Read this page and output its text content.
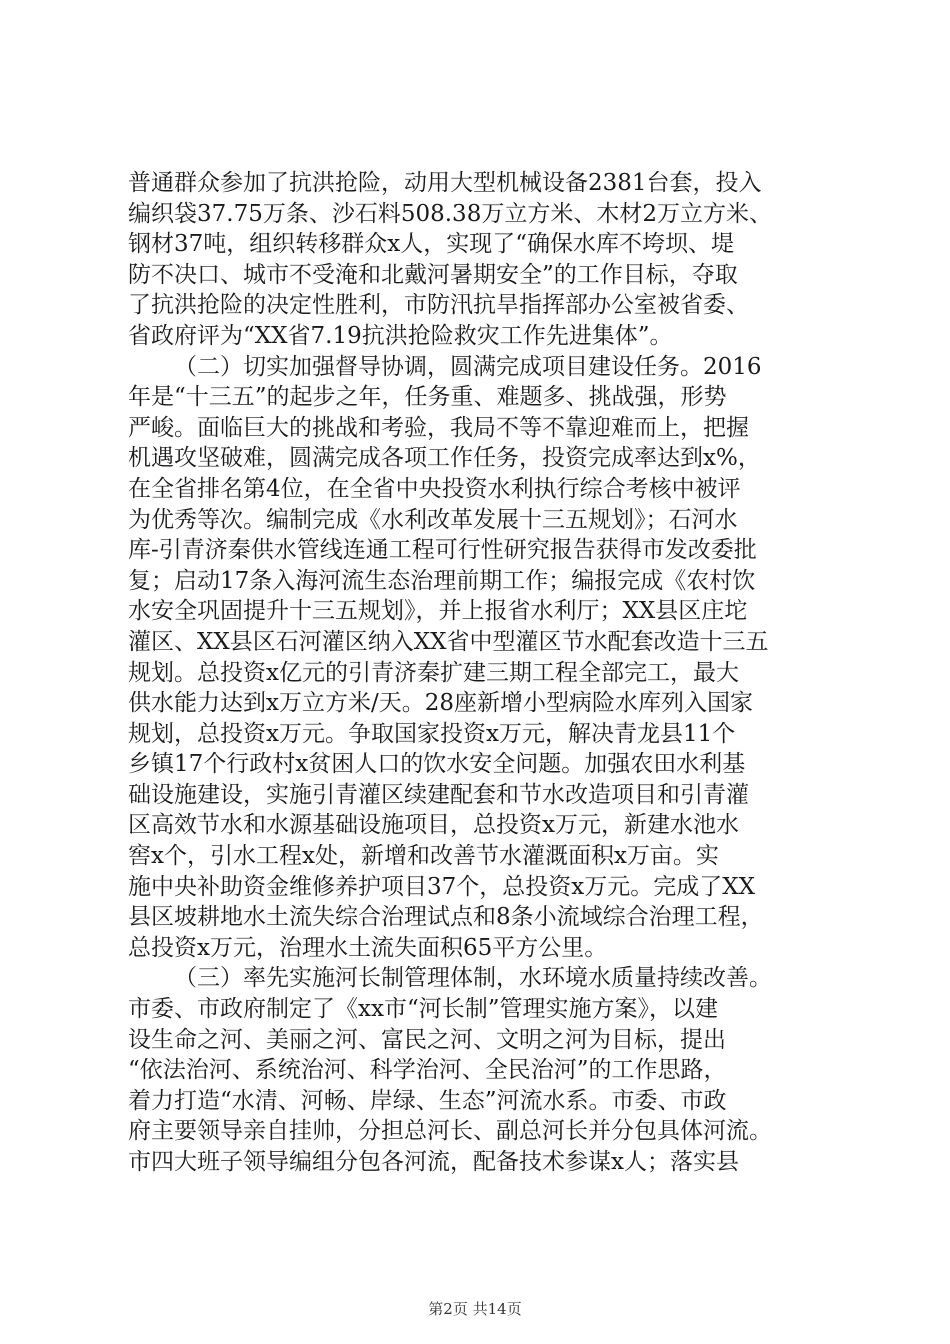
普通群众参加了抗洪抢险，动用大型机械设备2381台套，投入
编织袋37.75万条、沙石料508.38万立方米、木材2万立方米、
钢材37吨，组织转移群众x人，实现了“确保水库不垮坝、堤
防不决口、城市不受淹和北戴河暑期安全”的工作目标，夺取
了抗洪抢险的决定性胜利，市防汛抗旱指挥部办公室被省委、
省政府评为“XX省7.19抗洪抢险救灾工作先进集体”。
（二）切实加强督导协调，圆满完成项目建设任务。2016
年是“十三五”的起步之年，任务重、难题多、挑战强，形势
严峻。面临巨大的挑战和考验，我局不等不靠迎难而上，把握
机遇攻坚破难，圆满完成各项工作任务，投资完成率达到x%，
在全省排名第4位，在全省中央投资水利执行综合考核中被评
为优秀等次。编制完成《水利改革发展十三五规划》；石河水
库-引青济秦供水管线连通工程可行性研究报告获得市发改委批
复；启动17条入海河流生态治理前期工作；编报完成《农村饮
水安全巩固提升十三五规划》，并上报省水利厅；XX县区庄坨
灌区、XX县区石河灌区纳入XX省中型灌区节水配套改造十三五
规划。总投资x亿元的引青济秦扩建三期工程全部完工，最大
供水能力达到x万立方米/天。28座新增小型病险水库列入国家
规划，总投资x万元。争取国家投资x万元，解决青龙县11个
乡镇17个行政村x贫困人口的饮水安全问题。加强农田水利基
础设施建设，实施引青灌区续建配套和节水改造项目和引青灌
区高效节水和水源基础设施项目，总投资x万元，新建水池水
窖x个，引水工程x处，新增和改善节水灌溉面积x万亩。实
施中央补助资金维修养护项目37个，总投资x万元。完成了XX
县区坡耕地水土流失综合治理试点和8条小流域综合治理工程，
总投资x万元，治理水土流失面积65平方公里。
（三）率先实施河长制管理体制，水环境水质量持续改善。
市委、市政府制定了《xx市“河长制”管理实施方案》，以建
设生命之河、美丽之河、富民之河、文明之河为目标，提出
“依法治河、系统治河、科学治河、全民治河”的工作思路，
着力打造“水清、河畅、岸绿、生态”河流水系。市委、市政
府主要领导亲自挂帅，分担总河长、副总河长并分包具体河流。
市四大班子领导编组分包各河流，配备技术参谋x人；落实县
第2页 共14页
